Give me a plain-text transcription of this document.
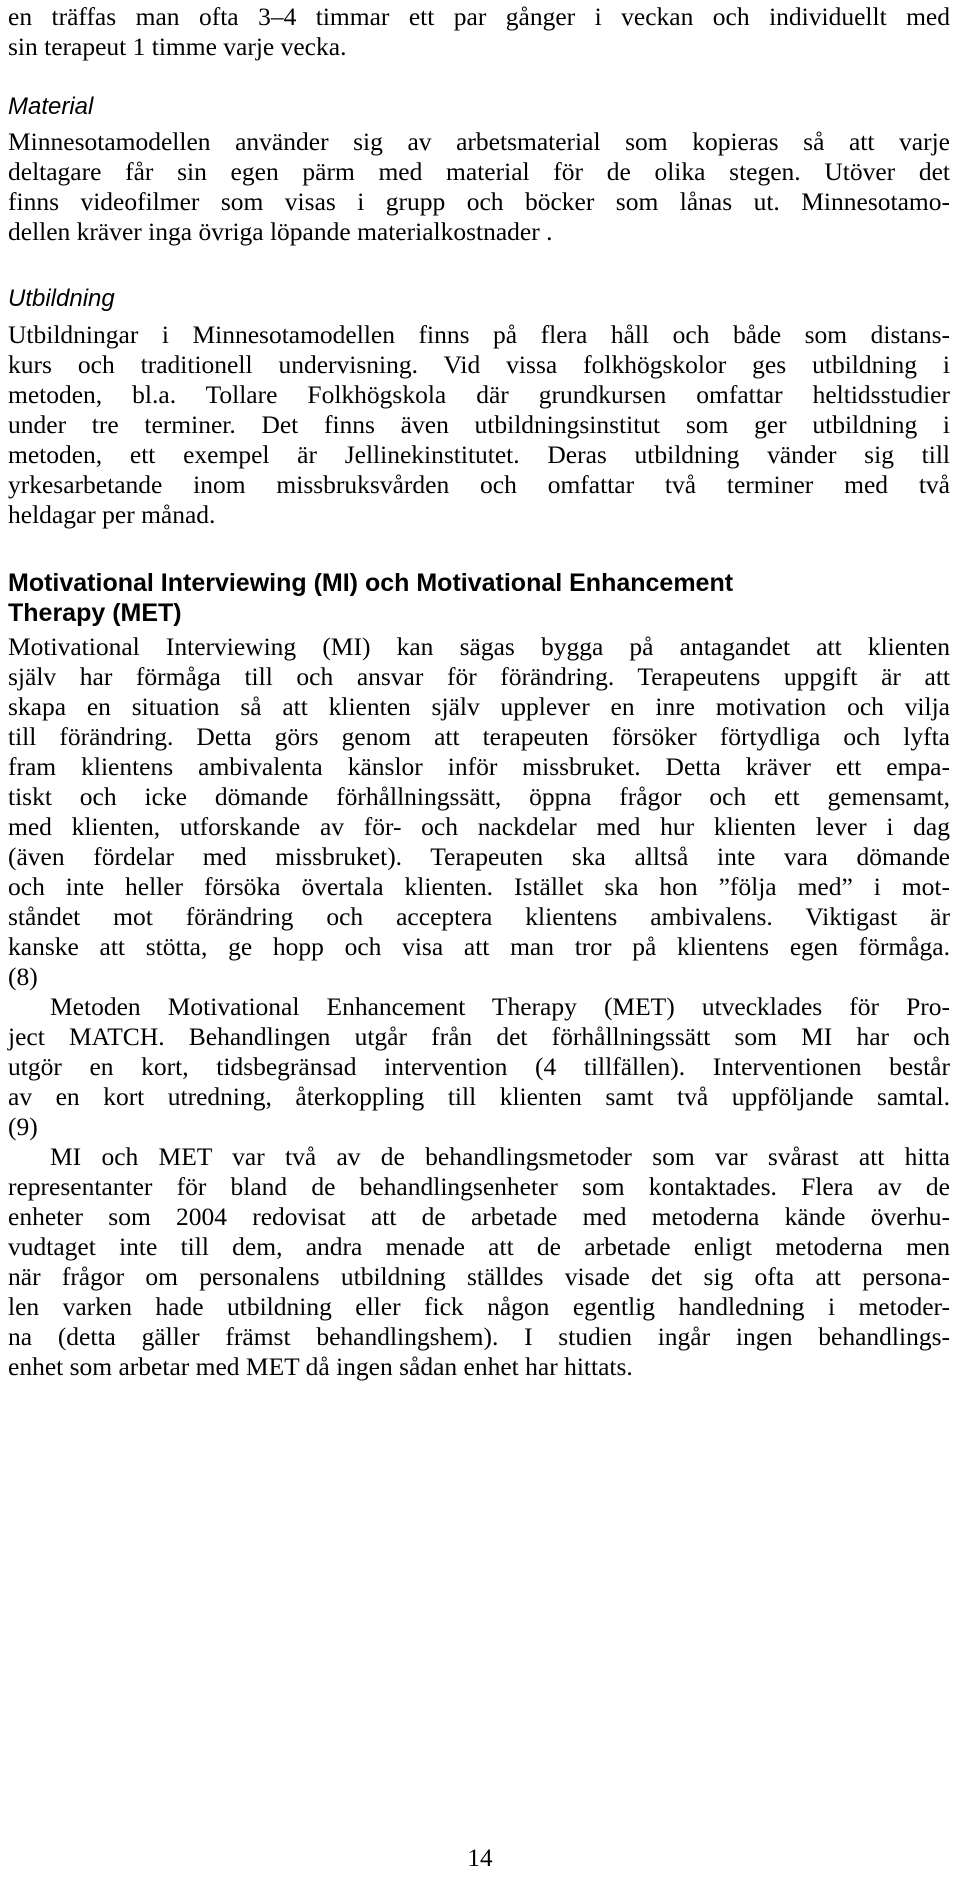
en träffas man ofta 3–4 timmar ett par gånger i veckan och individuellt med

sin terapeut 1 timme varje vecka.

Material

Minnesotamodellen använder sig av arbetsmaterial som kopieras så att varje

deltagare får sin egen pärm med material för de olika stegen. Utöver det

finns videofilmer som visas i grupp och böcker som lånas ut. Minnesotamo-

dellen kräver inga övriga löpande materialkostnader .

Utbildning

Utbildningar i Minnesotamodellen finns på flera håll och både som distans-

kurs och traditionell undervisning. Vid vissa folkhögskolor ges utbildning i

metoden, bl.a. Tollare Folkhögskola där grundkursen omfattar heltidsstudier

under tre terminer. Det finns även utbildningsinstitut som ger utbildning i

metoden, ett exempel är Jellinekinstitutet. Deras utbildning vänder sig till

yrkesarbetande inom missbruksvården och omfattar två terminer med två

heldagar per månad.

Motivational Interviewing (MI) och Motivational Enhancement

Therapy (MET)

Motivational Interviewing (MI) kan sägas bygga på antagandet att klienten

själv har förmåga till och ansvar för förändring. Terapeutens uppgift är att

skapa en situation så att klienten själv upplever en inre motivation och vilja

till förändring. Detta görs genom att terapeuten försöker förtydliga och lyfta

fram klientens ambivalenta känslor inför missbruket. Detta kräver ett empa-

tiskt och icke dömande förhållningssätt, öppna frågor och ett gemensamt,

med klienten, utforskande av för- och nackdelar med hur klienten lever i dag

(även fördelar med missbruket). Terapeuten ska alltså inte vara dömande

och inte heller försöka övertala klienten. Istället ska hon ”följa med” i mot-

ståndet mot förändring och acceptera klientens ambivalens. Viktigast är

kanske att stötta, ge hopp och visa att man tror på klientens egen förmåga.

(8)

Metoden Motivational Enhancement Therapy (MET) utvecklades för Pro-

ject MATCH. Behandlingen utgår från det förhållningssätt som MI har och

utgör en kort, tidsbegränsad intervention (4 tillfällen). Interventionen består

av en kort utredning, återkoppling till klienten samt två uppföljande samtal.

(9)

MI och MET var två av de behandlingsmetoder som var svårast att hitta

representanter för bland de behandlingsenheter som kontaktades. Flera av de

enheter som 2004 redovisat att de arbetade med metoderna kände överhu-

vudtaget inte till dem, andra menade att de arbetade enligt metoderna men

när frågor om personalens utbildning ställdes visade det sig ofta att persona-

len varken hade utbildning eller fick någon egentlig handledning i metoder-

na (detta gäller främst behandlingshem). I studien ingår ingen behandlings-

enhet som arbetar med MET då ingen sådan enhet har hittats.

14
